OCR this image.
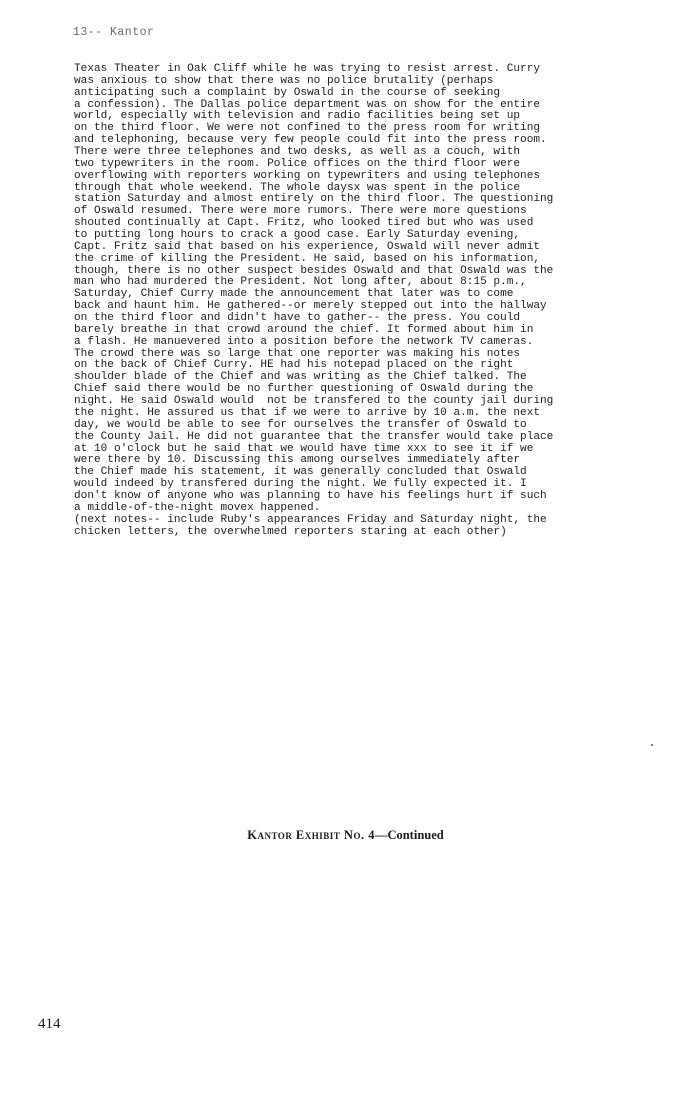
13-- Kantor
Texas Theater in Oak Cliff while he was trying to resist arrest. Curry
was anxious to show that there was no police brutality (perhaps
anticipating such a complaint by Oswald in the course of seeking
a confession). The Dallas police department was on show for the entire
world, especially with television and radio facilities being set up
on the third floor. We were not confined to the press room for writing
and telephoning, because very few people could fit into the press room.
There were three telephones and two desks, as well as a couch, with
two typewriters in the room. Police offices on the third floor were
overflowing with reporters working on typewriters and using telephones
through that whole weekend. The whole daysx was spent in the police
station Saturday and almost entirely on the third floor. The questioning
of Oswald resumed. There were more rumors. There were more questions
shouted continually at Capt. Fritz, who looked tired but who was used
to putting long hours to crack a good case. Early Saturday evening,
Capt. Fritz said that based on his experience, Oswald will never admit
the crime of killing the President. He said, based on his information,
though, there is no other suspect besides Oswald and that Oswald was the
man who had murdered the President. Not long after, about 8:15 p.m.,
Saturday, Chief Curry made the announcement that later was to come
back and haunt him. He gathered--or merely stepped out into the hallway
on the third floor and didn't have to gather-- the press. You could
barely breathe in that crowd around the chief. It formed about him in
a flash. He manuevered into a position before the network TV cameras.
The crowd there was so large that one reporter was making his notes
on the back of Chief Curry. HE had his notepad placed on the right
shoulder blade of the Chief and was writing as the Chief talked. The
Chief said there would be no further questioning of Oswald during the
night. He said Oswald would  not be transfered to the county jail during
the night. He assured us that if we were to arrive by 10 a.m. the next
day, we would be able to see for ourselves the transfer of Oswald to
the County Jail. He did not guarantee that the transfer would take place
at 10 o'clock but he said that we would have time xxx to see it if we
were there by 10. Discussing this among ourselves immediately after
the Chief made his statement, it was generally concluded that Oswald
would indeed by transfered during the night. We fully expected it. I
don't know of anyone who was planning to have his feelings hurt if such
a middle-of-the-night movex happened.
(next notes-- include Ruby's appearances Friday and Saturday night, the
chicken letters, the overwhelmed reporters staring at each other)
Kantor Exhibit No. 4—Continued
414
